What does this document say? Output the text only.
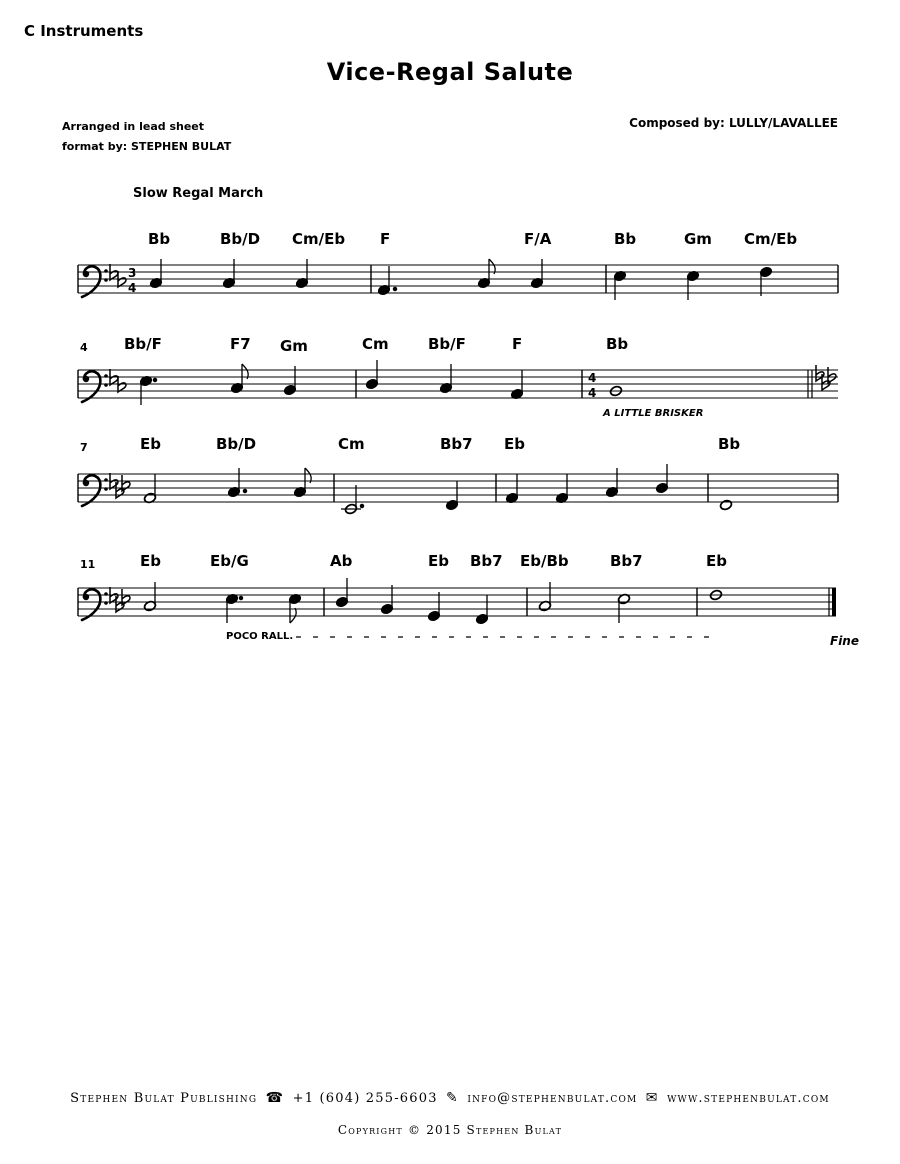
C Instruments

Vice-Regal Salute

Arranged in lead sheet

format by: STEPHEN BULAT

Composed by: LULLY/LAVALLEE

Slow Regal March

Bb	Bb/D Cm/Eb F	F/A	Bb	Gm Cm/Eb
3
4
4 Bb/F	F7 Gm	Cm	Bb/F	F	Bb
4
4
A LITTLE BRISKER
7	Eb	Bb/D	Cm	Bb7 Eb	Bb
11	Eb	Eb/G	Ab	Eb Bb7 Eb/Bb	Bb7	Eb
POCO RALL.	Fine

Stephen Bulat Publishing ☎ +1 (604) 255-6603 ✎ info@stephenbulat.com ✉ www.stephenbulat.com

Copyright © 2015 Stephen Bulat
